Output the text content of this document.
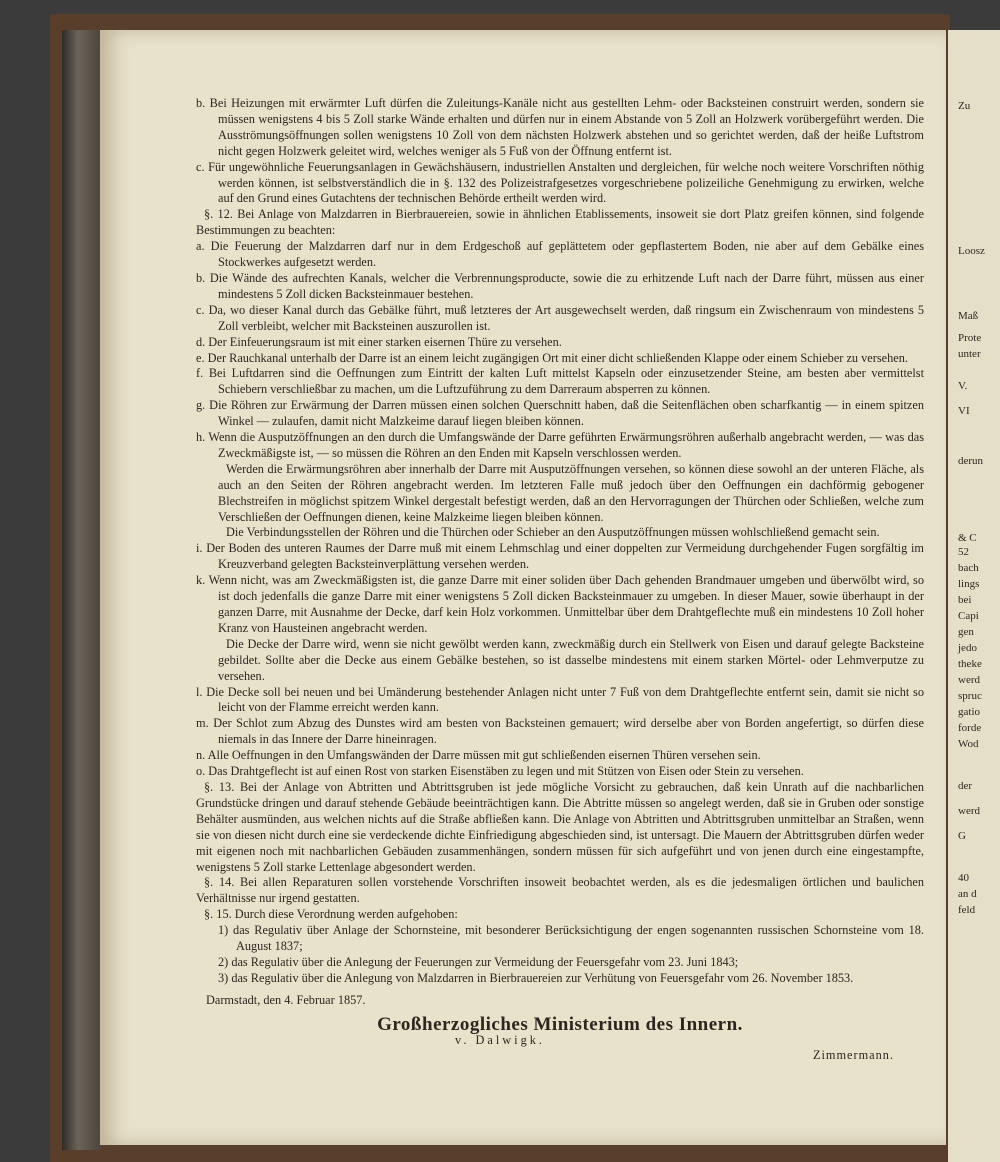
Zu
Loosz
Maß
Prote
unter
V.
VI
derun
& C
52
bach
lings
bei
Capi
gen
jedo
theke
werd
spruc
gatio
forde
Wod
der
werd
G
40
an d
feld

b. Bei Heizungen mit erwärmter Luft dürfen die Zuleitungs-Kanäle nicht aus gestellten Lehm- oder Backsteinen construirt werden, sondern sie müssen wenigstens 4 bis 5 Zoll starke Wände erhalten und dürfen nur in einem Abstande von 5 Zoll an Holzwerk vorübergeführt werden. Die Ausströmungsöffnungen sollen wenigstens 10 Zoll von dem nächsten Holzwerk abstehen und so gerichtet werden, daß der heiße Luftstrom nicht gegen Holzwerk geleitet wird, welches weniger als 5 Fuß von der Öffnung entfernt ist.

c. Für ungewöhnliche Feuerungsanlagen in Gewächshäusern, industriellen Anstalten und dergleichen, für welche noch weitere Vorschriften nöthig werden können, ist selbstverständlich die in §. 132 des Polizeistrafgesetzes vorgeschriebene polizeiliche Genehmigung zu erwirken, welche auf den Grund eines Gutachtens der technischen Behörde ertheilt werden wird.

§. 12. Bei Anlage von Malzdarren in Bierbrauereien, sowie in ähnlichen Etablissements, insoweit sie dort Platz greifen können, sind folgende Bestimmungen zu beachten:

a. Die Feuerung der Malzdarren darf nur in dem Erdgeschoß auf geplättetem oder gepflastertem Boden, nie aber auf dem Gebälke eines Stockwerkes aufgesetzt werden.

b. Die Wände des aufrechten Kanals, welcher die Verbrennungsproducte, sowie die zu erhitzende Luft nach der Darre führt, müssen aus einer mindestens 5 Zoll dicken Backsteinmauer bestehen.

c. Da, wo dieser Kanal durch das Gebälke führt, muß letzteres der Art ausgewechselt werden, daß ringsum ein Zwischenraum von mindestens 5 Zoll verbleibt, welcher mit Backsteinen auszurollen ist.

d. Der Einfeuerungsraum ist mit einer starken eisernen Thüre zu versehen.

e. Der Rauchkanal unterhalb der Darre ist an einem leicht zugängigen Ort mit einer dicht schließenden Klappe oder einem Schieber zu versehen.

f. Bei Luftdarren sind die Oeffnungen zum Eintritt der kalten Luft mittelst Kapseln oder einzusetzender Steine, am besten aber vermittelst Schiebern verschließbar zu machen, um die Luftzuführung zu dem Darreraum absperren zu können.

g. Die Röhren zur Erwärmung der Darren müssen einen solchen Querschnitt haben, daß die Seitenflächen oben scharfkantig — in einem spitzen Winkel — zulaufen, damit nicht Malzkeime darauf liegen bleiben können.

h. Wenn die Ausputzöffnungen an den durch die Umfangswände der Darre geführten Erwärmungsröhren außerhalb angebracht werden, — was das Zweckmäßigste ist, — so müssen die Röhren an den Enden mit Kapseln verschlossen werden.

Werden die Erwärmungsröhren aber innerhalb der Darre mit Ausputzöffnungen versehen, so können diese sowohl an der unteren Fläche, als auch an den Seiten der Röhren angebracht werden. Im letzteren Falle muß jedoch über den Oeffnungen ein dachförmig gebogener Blechstreifen in möglichst spitzem Winkel dergestalt befestigt werden, daß an den Hervorragungen der Thürchen oder Schließen, welche zum Verschließen der Oeffnungen dienen, keine Malzkeime liegen bleiben können.

Die Verbindungsstellen der Röhren und die Thürchen oder Schieber an den Ausputzöffnungen müssen wohlschließend gemacht sein.

i. Der Boden des unteren Raumes der Darre muß mit einem Lehmschlag und einer doppelten zur Vermeidung durchgehender Fugen sorgfältig im Kreuzverband gelegten Backsteinverplättung versehen werden.

k. Wenn nicht, was am Zweckmäßigsten ist, die ganze Darre mit einer soliden über Dach gehenden Brandmauer umgeben und überwölbt wird, so ist doch jedenfalls die ganze Darre mit einer wenigstens 5 Zoll dicken Backsteinmauer zu umgeben. In dieser Mauer, sowie überhaupt in der ganzen Darre, mit Ausnahme der Decke, darf kein Holz vorkommen. Unmittelbar über dem Drahtgeflechte muß ein mindestens 10 Zoll hoher Kranz von Hausteinen angebracht werden.

Die Decke der Darre wird, wenn sie nicht gewölbt werden kann, zweckmäßig durch ein Stellwerk von Eisen und darauf gelegte Backsteine gebildet. Sollte aber die Decke aus einem Gebälke bestehen, so ist dasselbe mindestens mit einem starken Mörtel- oder Lehmverputze zu versehen.

l. Die Decke soll bei neuen und bei Umänderung bestehender Anlagen nicht unter 7 Fuß von dem Drahtgeflechte entfernt sein, damit sie nicht so leicht von der Flamme erreicht werden kann.

m. Der Schlot zum Abzug des Dunstes wird am besten von Backsteinen gemauert; wird derselbe aber von Borden angefertigt, so dürfen diese niemals in das Innere der Darre hineinragen.

n. Alle Oeffnungen in den Umfangswänden der Darre müssen mit gut schließenden eisernen Thüren versehen sein.

o. Das Drahtgeflecht ist auf einen Rost von starken Eisenstäben zu legen und mit Stützen von Eisen oder Stein zu versehen.

§. 13. Bei der Anlage von Abtritten und Abtrittsgruben ist jede mögliche Vorsicht zu gebrauchen, daß kein Unrath auf die nachbarlichen Grundstücke dringen und darauf stehende Gebäude beeinträchtigen kann. Die Abtritte müssen so angelegt werden, daß sie in Gruben oder sonstige Behälter ausmünden, aus welchen nichts auf die Straße abfließen kann. Die Anlage von Abtritten und Abtrittsgruben unmittelbar an Straßen, wenn sie von diesen nicht durch eine sie verdeckende dichte Einfriedigung abgeschieden sind, ist untersagt. Die Mauern der Abtrittsgruben dürfen weder mit eigenen noch mit nachbarlichen Gebäuden zusammenhängen, sondern müssen für sich aufgeführt und von jenen durch eine eingestampfte, wenigstens 5 Zoll starke Lettenlage abgesondert werden.

§. 14. Bei allen Reparaturen sollen vorstehende Vorschriften insoweit beobachtet werden, als es die jedesmaligen örtlichen und baulichen Verhältnisse nur irgend gestatten.

§. 15. Durch diese Verordnung werden aufgehoben:

1) das Regulativ über Anlage der Schornsteine, mit besonderer Berücksichtigung der engen sogenannten russischen Schornsteine vom 18. August 1837;

2) das Regulativ über die Anlegung der Feuerungen zur Vermeidung der Feuersgefahr vom 23. Juni 1843;

3) das Regulativ über die Anlegung von Malzdarren in Bierbrauereien zur Verhütung von Feuersgefahr vom 26. November 1853.

Darmstadt, den 4. Februar 1857.
Großherzogliches Ministerium des Innern.
v. Dalwigk.
Zimmermann.
